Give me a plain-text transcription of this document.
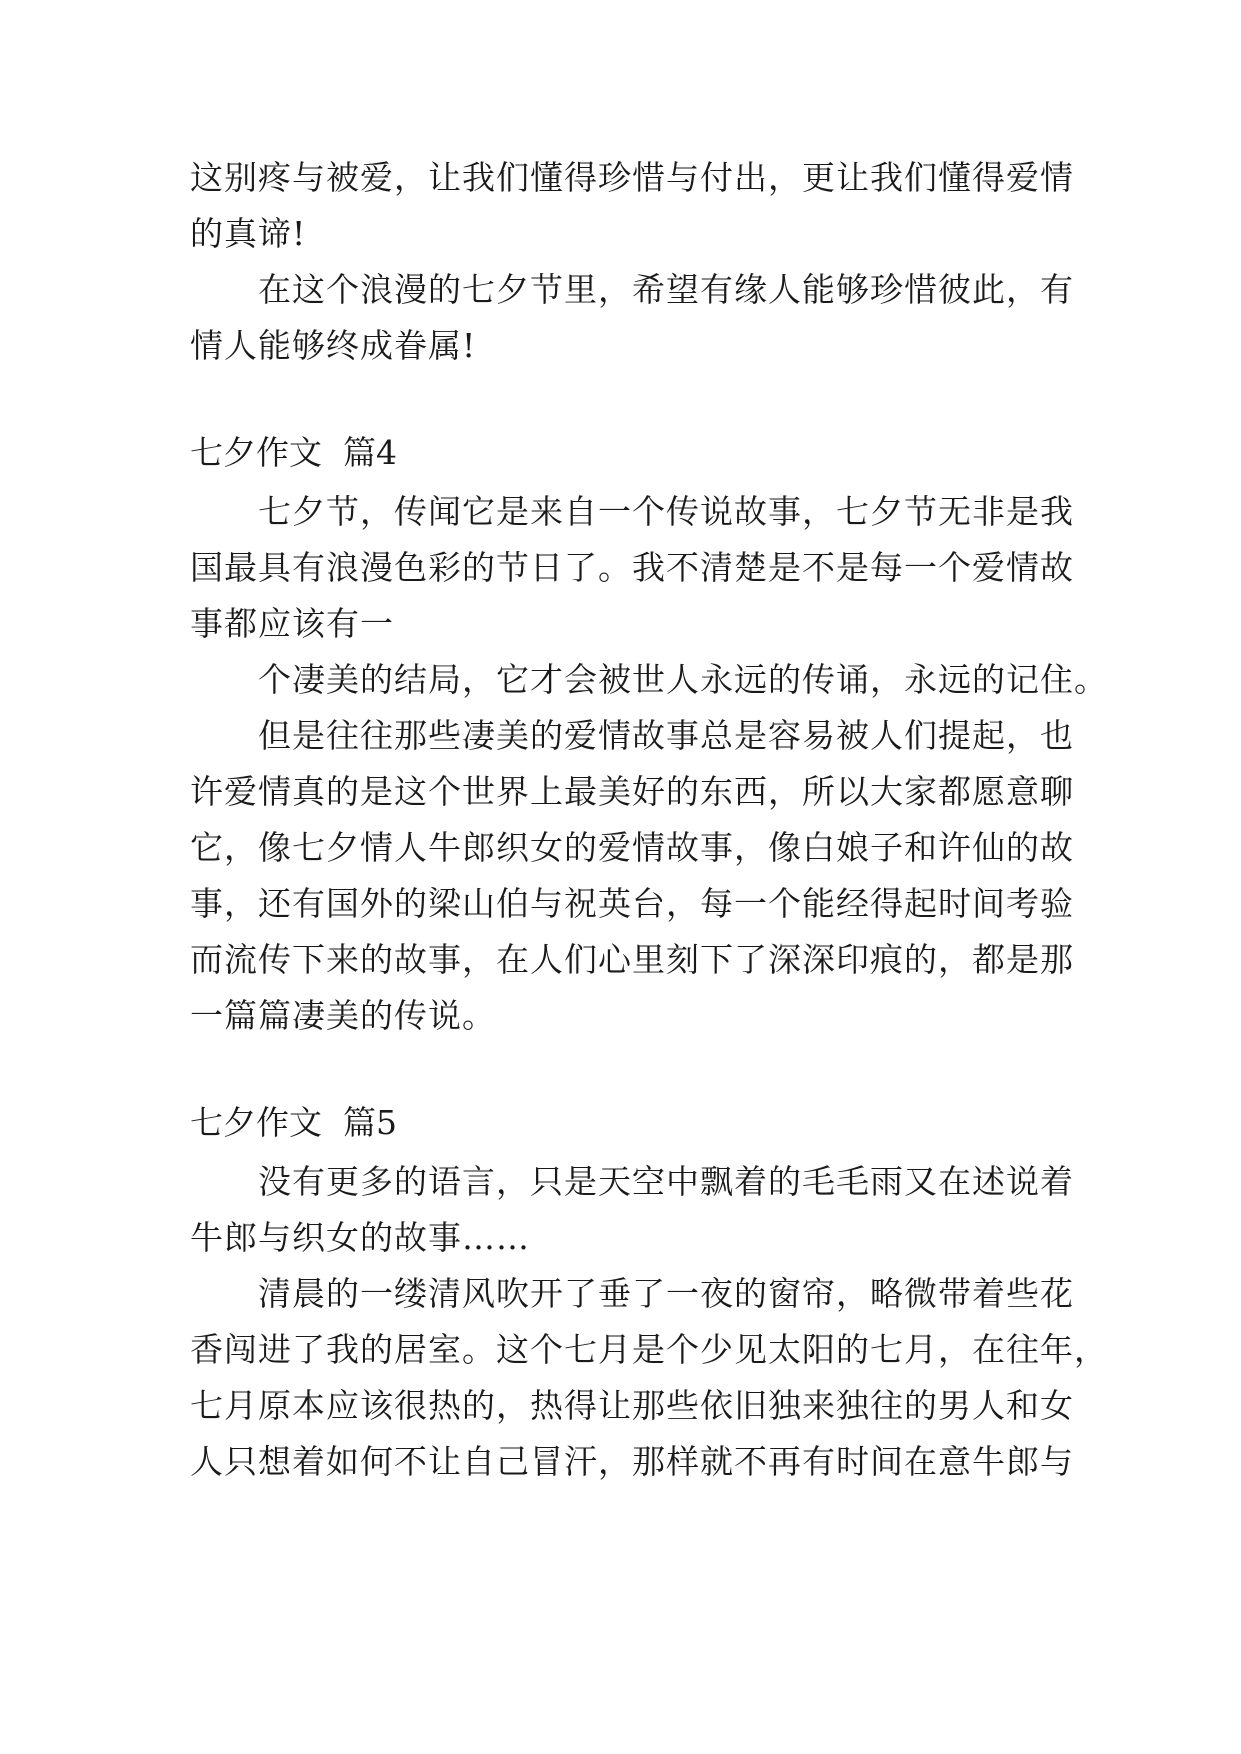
这别疼与被爱，让我们懂得珍惜与付出，更让我们懂得爱情
的真谛!
在这个浪漫的七夕节里，希望有缘人能够珍惜彼此，有
情人能够终成眷属!
七夕作文  篇4
七夕节，传闻它是来自一个传说故事，七夕节无非是我
国最具有浪漫色彩的节日了。我不清楚是不是每一个爱情故
事都应该有一
个凄美的结局，它才会被世人永远的传诵，永远的记住。
但是往往那些凄美的爱情故事总是容易被人们提起，也
许爱情真的是这个世界上最美好的东西，所以大家都愿意聊
它，像七夕情人牛郎织女的爱情故事，像白娘子和许仙的故
事，还有国外的梁山伯与祝英台，每一个能经得起时间考验
而流传下来的故事，在人们心里刻下了深深印痕的，都是那
一篇篇凄美的传说。
七夕作文  篇5
没有更多的语言，只是天空中飘着的毛毛雨又在述说着
牛郎与织女的故事……
清晨的一缕清风吹开了垂了一夜的窗帘，略微带着些花
香闯进了我的居室。这个七月是个少见太阳的七月，在往年，
七月原本应该很热的，热得让那些依旧独来独往的男人和女
人只想着如何不让自己冒汗，那样就不再有时间在意牛郎与
